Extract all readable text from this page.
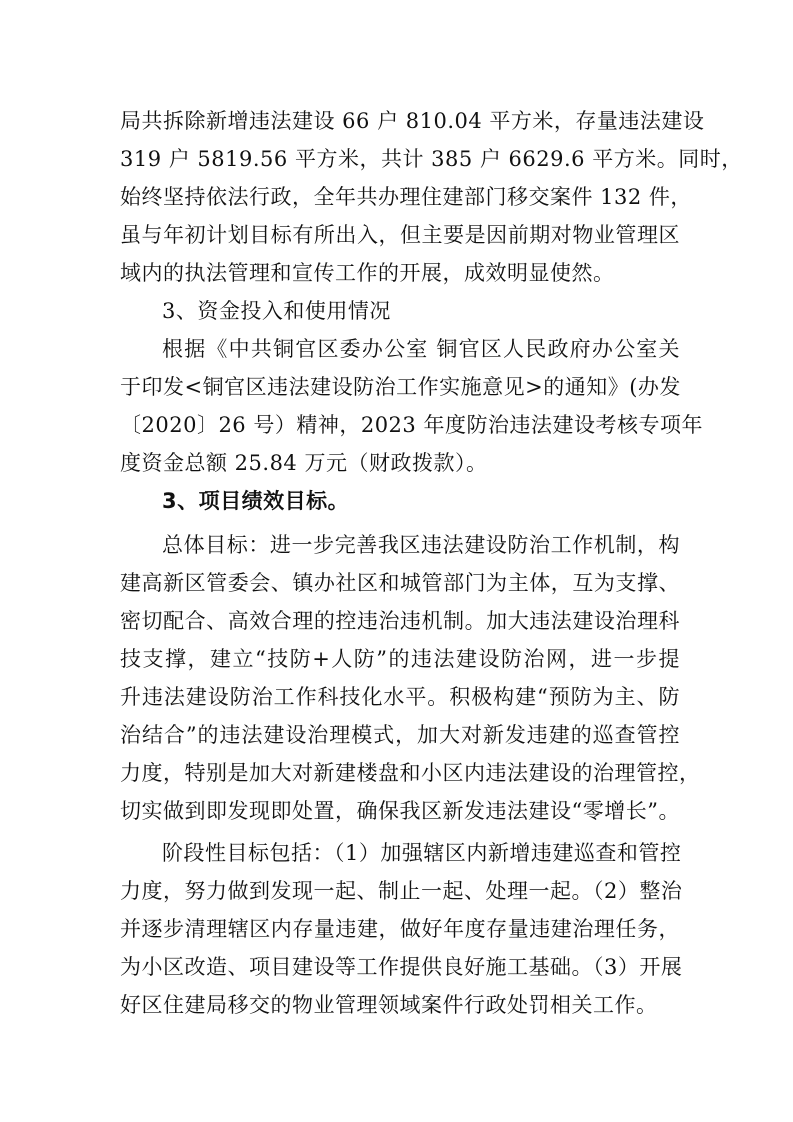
局共拆除新增违法建设 66 户 810.04 平方米，存量违法建设
319 户 5819.56 平方米，共计 385 户 6629.6 平方米。同时，
始终坚持依法行政，全年共办理住建部门移交案件 132 件，
虽与年初计划目标有所出入，但主要是因前期对物业管理区
域内的执法管理和宣传工作的开展，成效明显使然。
3、资金投入和使用情况
根据《中共铜官区委办公室 铜官区人民政府办公室关
于印发<铜官区违法建设防治工作实施意见>的通知》(办发
〔2020〕26 号）精神，2023 年度防治违法建设考核专项年
度资金总额 25.84 万元（财政拨款）。
3、项目绩效目标。
总体目标：进一步完善我区违法建设防治工作机制，构
建高新区管委会、镇办社区和城管部门为主体，互为支撑、
密切配合、高效合理的控违治违机制。加大违法建设治理科
技支撑，建立“技防+人防”的违法建设防治网，进一步提
升违法建设防治工作科技化水平。积极构建“预防为主、防
治结合”的违法建设治理模式，加大对新发违建的巡查管控
力度，特别是加大对新建楼盘和小区内违法建设的治理管控，
切实做到即发现即处置，确保我区新发违法建设“零增长”。
阶段性目标包括：（1）加强辖区内新增违建巡查和管控
力度，努力做到发现一起、制止一起、处理一起。（2）整治
并逐步清理辖区内存量违建，做好年度存量违建治理任务，
为小区改造、项目建设等工作提供良好施工基础。（3）开展
好区住建局移交的物业管理领域案件行政处罚相关工作。
